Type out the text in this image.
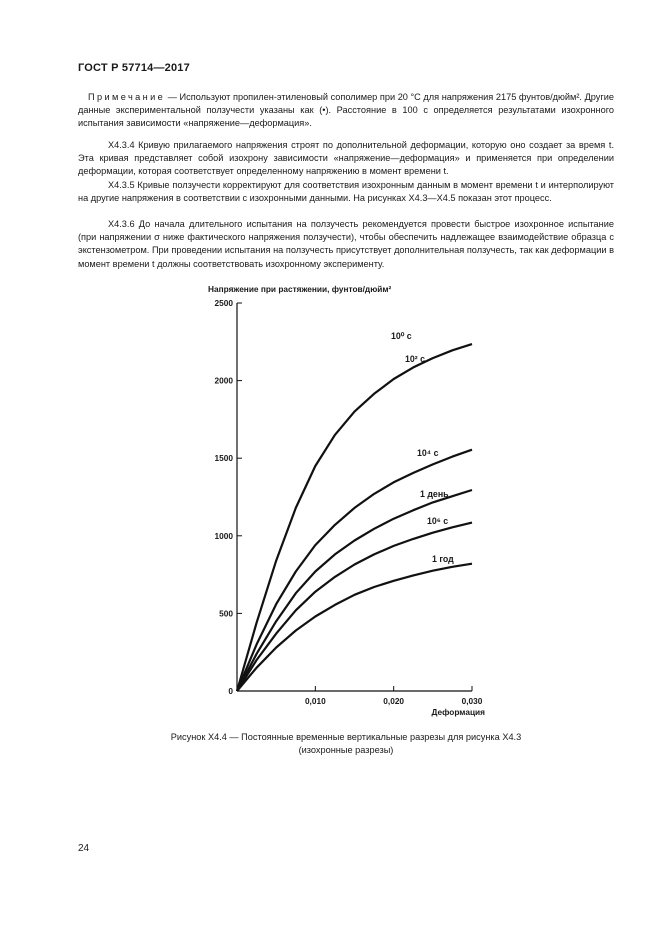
ГОСТ Р 57714—2017
Примечание — Используют пропилен-этиленовый сополимер при 20 °С для напряжения 2175 фунтов/дюйм². Другие данные экспериментальной ползучести указаны как (•). Расстояние в 100 с определяется результатами изохронного испытания зависимости «напряжение—деформация».
X4.3.4 Кривую прилагаемого напряжения строят по дополнительной деформации, которую оно создает за время t. Эта кривая представляет собой изохрону зависимости «напряжение—деформация» и применяется при определении деформации, которая соответствует определенному напряжению в момент времени t.
X4.3.5 Кривые ползучести корректируют для соответствия изохронным данным в момент времени t и интерполируют на другие напряжения в соответствии с изохронными данными. На рисунках X4.3—X4.5 показан этот процесс.
X4.3.6 До начала длительного испытания на ползучесть рекомендуется провести быстрое изохронное испытание (при напряжении σ ниже фактического напряжения ползучести), чтобы обеспечить надлежащее взаимодействие образца с экстензометром. При проведении испытания на ползучесть присутствует дополнительная ползучесть, так как деформации в момент времени t должны соответствовать изохронному эксперименту.
Напряжение при растяжении, фунтов/дюйм²
0
500
1000
1500
2000
2500
0,010	0,020	0,030
Деформация
10² с
10⁴ с
1 день
10⁶ с
1 год
10⁰ с
Рисунок X4.4 — Постоянные временные вертикальные разрезы для рисунка X4.3
(изохронные разрезы)
24
